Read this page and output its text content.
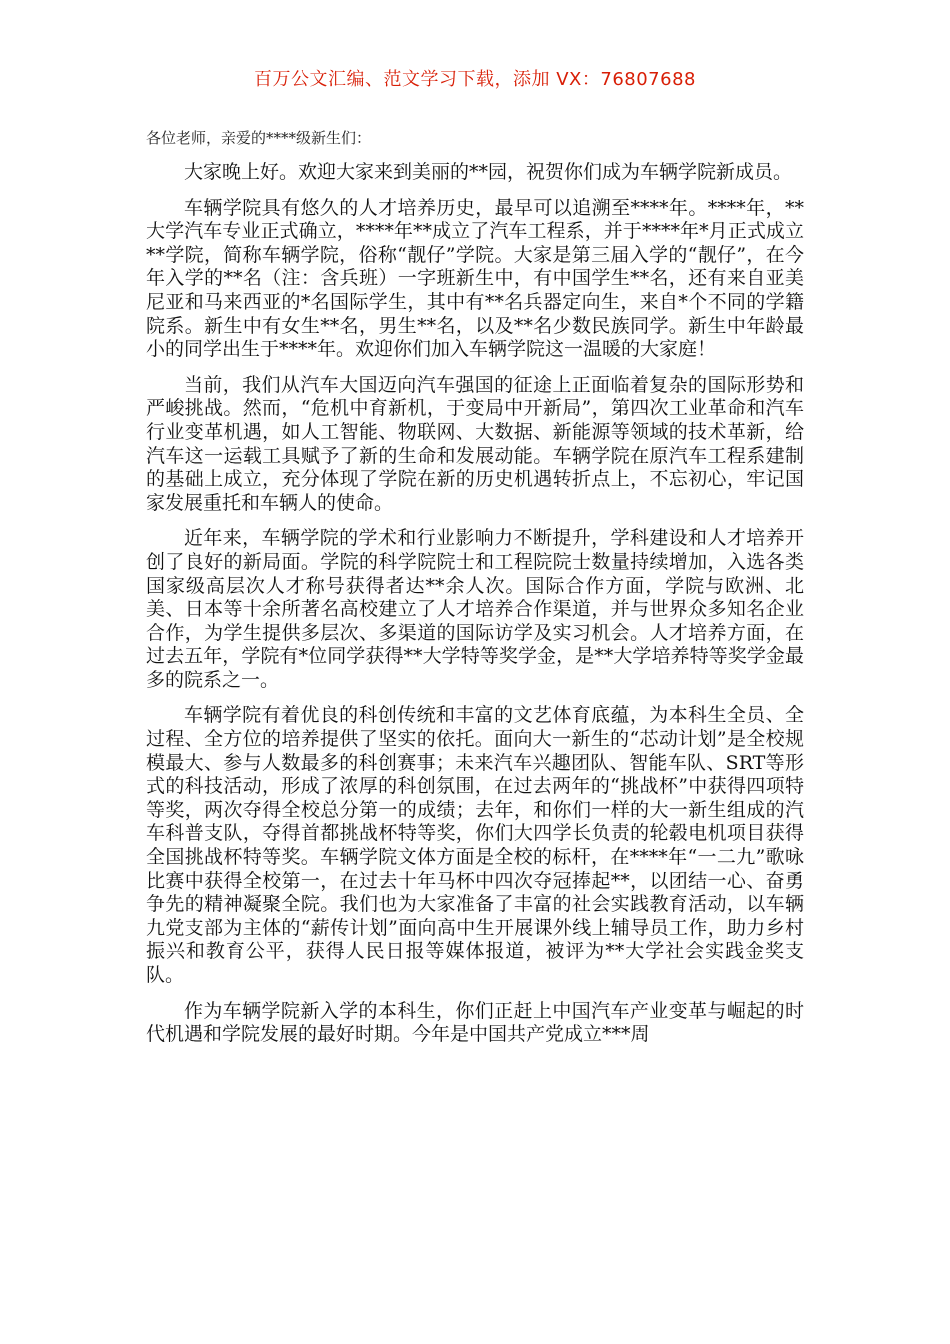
百万公文汇编、范文学习下载，添加 VX：76807688

各位老师，亲爱的****级新生们：

大家晚上好。欢迎大家来到美丽的**园，祝贺你们成为车辆学院新成员。

车辆学院具有悠久的人才培养历史，最早可以追溯至****年。****年，**大学汽车专业正式确立，****年**成立了汽车工程系，并于****年*月正式成立**学院，简称车辆学院，俗称“靓仔”学院。大家是第三届入学的“靓仔”，在今年入学的**名（注：含兵班）一字班新生中，有中国学生**名，还有来自亚美尼亚和马来西亚的*名国际学生，其中有**名兵器定向生，来自*个不同的学籍院系。新生中有女生**名，男生**名，以及**名少数民族同学。新生中年龄最小的同学出生于****年。欢迎你们加入车辆学院这一温暖的大家庭！

当前，我们从汽车大国迈向汽车强国的征途上正面临着复杂的国际形势和严峻挑战。然而，“危机中育新机，于变局中开新局”，第四次工业革命和汽车行业变革机遇，如人工智能、物联网、大数据、新能源等领域的技术革新，给汽车这一运载工具赋予了新的生命和发展动能。车辆学院在原汽车工程系建制的基础上成立，充分体现了学院在新的历史机遇转折点上，不忘初心，牢记国家发展重托和车辆人的使命。

近年来，车辆学院的学术和行业影响力不断提升，学科建设和人才培养开创了良好的新局面。学院的科学院院士和工程院院士数量持续增加，入选各类国家级高层次人才称号获得者达**余人次。国际合作方面，学院与欧洲、北美、日本等十余所著名高校建立了人才培养合作渠道，并与世界众多知名企业合作，为学生提供多层次、多渠道的国际访学及实习机会。人才培养方面，在过去五年，学院有*位同学获得**大学特等奖学金，是**大学培养特等奖学金最多的院系之一。

车辆学院有着优良的科创传统和丰富的文艺体育底蕴，为本科生全员、全过程、全方位的培养提供了坚实的依托。面向大一新生的“芯动计划”是全校规模最大、参与人数最多的科创赛事；未来汽车兴趣团队、智能车队、SRT等形式的科技活动，形成了浓厚的科创氛围，在过去两年的“挑战杯”中获得四项特等奖，两次夺得全校总分第一的成绩；去年，和你们一样的大一新生组成的汽车科普支队，夺得首都挑战杯特等奖，你们大四学长负责的轮毂电机项目获得全国挑战杯特等奖。车辆学院文体方面是全校的标杆，在****年“一二九”歌咏比赛中获得全校第一，在过去十年马杯中四次夺冠捧起**，以团结一心、奋勇争先的精神凝聚全院。我们也为大家准备了丰富的社会实践教育活动，以车辆九党支部为主体的“薪传计划”面向高中生开展课外线上辅导员工作，助力乡村振兴和教育公平，获得人民日报等媒体报道，被评为**大学社会实践金奖支队。

作为车辆学院新入学的本科生，你们正赶上中国汽车产业变革与崛起的时代机遇和学院发展的最好时期。今年是中国共产党成立***周
